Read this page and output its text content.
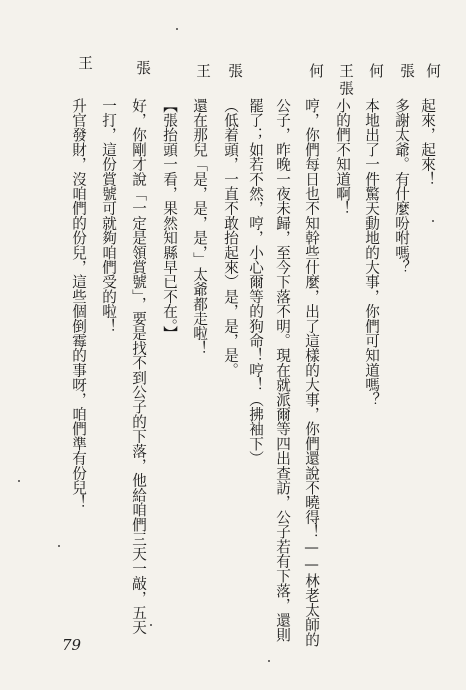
何
張
何
王張
何
張
王
張
王
起來，起來！
多謝太爺。有什麼吩咐嗎？
本地出了一件驚天動地的大事，你們可知道嗎？
小的們不知道啊！
哼，你們每日也不知幹些什麼，出了這樣的大事，你們還說不曉得！——林老太師的
公子，昨晚一夜未歸，至今下落不明。現在就派爾等四出查訪，公子若有下落，還則
罷了；如若不然，哼，小心爾等的狗命！哼！（拂袖下）
（低着頭，一直不敢抬起來）是，是，是。
還在那兒「是，是，是，」太爺都走啦！
【張抬頭一看，果然知縣早已不在。】
好，你剛才說「一定是領賞號」，要是找不到公子的下落，他給咱們三天一敲，五天
一打，這份賞號可就夠咱們受的啦！
升官發財，沒咱們的份兒，這些個倒霉的事呀，咱們準有份兒！
79
